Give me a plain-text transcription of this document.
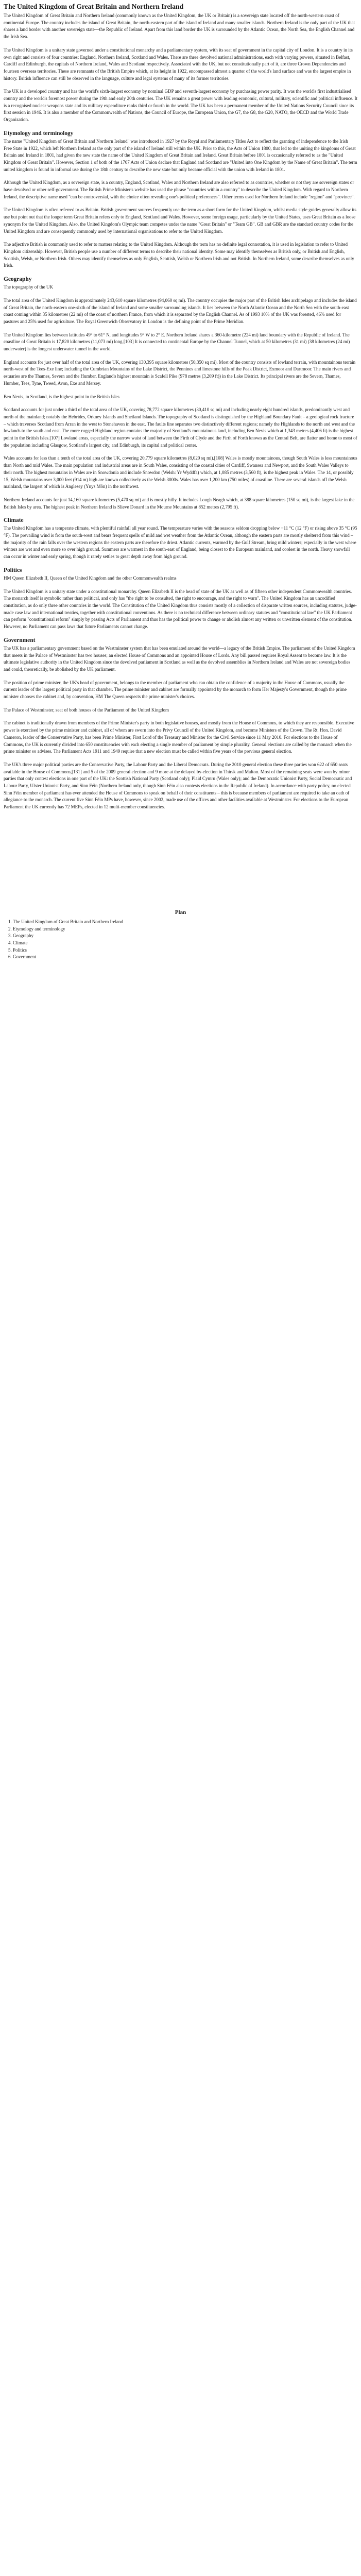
The United Kingdom of Great Britain and Northern Ireland

The United Kingdom of Great Britain and Northern Ireland (commonly known as the United Kingdom, the UK or Britain) is a sovereign state located off the north-western coast of continental Europe. The country includes the island of Great Britain, the north-eastern part of the island of Ireland and many smaller islands. Northern Ireland is the only part of the UK that shares a land border with another sovereign state—the Republic of Ireland. Apart from this land border the UK is surrounded by the Atlantic Ocean, the North Sea, the English Channel and the Irish Sea.

The United Kingdom is a unitary state governed under a constitutional monarchy and a parliamentary system, with its seat of government in the capital city of London. It is a country in its own right and consists of four countries: England, Northern Ireland, Scotland and Wales. There are three devolved national administrations, each with varying powers, situated in Belfast, Cardiff and Edinburgh, the capitals of Northern Ireland, Wales and Scotland respectively. Associated with the UK, but not constitutionally part of it, are three Crown Dependencies and fourteen overseas territories. These are remnants of the British Empire which, at its height in 1922, encompassed almost a quarter of the world's land surface and was the largest empire in history. British influence can still be observed in the language, culture and legal systems of many of its former territories.

The UK is a developed country and has the world's sixth-largest economy by nominal GDP and seventh-largest economy by purchasing power parity. It was the world's first industrialised country and the world's foremost power during the 19th and early 20th centuries. The UK remains a great power with leading economic, cultural, military, scientific and political influence. It is a recognised nuclear weapons state and its military expenditure ranks third or fourth in the world. The UK has been a permanent member of the United Nations Security Council since its first session in 1946. It is also a member of the Commonwealth of Nations, the Council of Europe, the European Union, the G7, the G8, the G20, NATO, the OECD and the World Trade Organization.

Etymology and terminology

The name "United Kingdom of Great Britain and Northern Ireland" was introduced in 1927 by the Royal and Parliamentary Titles Act to reflect the granting of independence to the Irish Free State in 1922, which left Northern Ireland as the only part of the island of Ireland still within the UK. Prior to this, the Acts of Union 1800, that led to the uniting the kingdoms of Great Britain and Ireland in 1801, had given the new state the name of the United Kingdom of Great Britain and Ireland. Great Britain before 1801 is occasionally referred to as the "United Kingdom of Great Britain". However, Section 1 of both of the 1707 Acts of Union declare that England and Scotland are "United into One Kingdom by the Name of Great Britain". The term united kingdom is found in informal use during the 18th century to describe the new state but only became official with the union with Ireland in 1801.

Although the United Kingdom, as a sovereign state, is a country, England, Scotland, Wales and Northern Ireland are also referred to as countries, whether or not they are sovereign states or have devolved or other self-government. The British Prime Minister's website has used the phrase "countries within a country" to describe the United Kingdom. With regard to Northern Ireland, the descriptive name used "can be controversial, with the choice often revealing one's political preferences". Other terms used for Northern Ireland include "region" and "province".

The United Kingdom is often referred to as Britain. British government sources frequently use the term as a short form for the United Kingdom, whilst media style guides generally allow its use but point out that the longer term Great Britain refers only to England, Scotland and Wales. However, some foreign usage, particularly by the United States, uses Great Britain as a loose synonym for the United Kingdom. Also, the United Kingdom's Olympic team competes under the name "Great Britain" or "Team GB". GB and GBR are the standard country codes for the United Kingdom and are consequently commonly used by international organisations to refer to the United Kingdom.

The adjective British is commonly used to refer to matters relating to the United Kingdom. Although the term has no definite legal connotation, it is used in legislation to refer to United Kingdom citizenship. However, British people use a number of different terms to describe their national identity. Some may identify themselves as British only, or British and English, Scottish, Welsh, or Northern Irish. Others may identify themselves as only English, Scottish, Welsh or Northern Irish and not British. In Northern Ireland, some describe themselves as only Irish.

Geography

The topography of the UK

The total area of the United Kingdom is approximately 243,610 square kilometres (94,060 sq mi). The country occupies the major part of the British Isles archipelago and includes the island of Great Britain, the north-eastern one-sixth of the island of Ireland and some smaller surrounding islands. It lies between the North Atlantic Ocean and the North Sea with the south-east coast coming within 35 kilometres (22 mi) of the coast of northern France, from which it is separated by the English Channel. As of 1993 10% of the UK was forested, 46% used for pastures and 25% used for agriculture. The Royal Greenwich Observatory in London is the defining point of the Prime Meridian.

The United Kingdom lies between latitudes 49° to 61° N, and longitudes 9° W to 2° E. Northern Ireland shares a 360-kilometre (224 mi) land boundary with the Republic of Ireland. The coastline of Great Britain is 17,820 kilometres (11,073 mi) long.[103] It is connected to continental Europe by the Channel Tunnel, which at 50 kilometres (31 mi) (38 kilometres (24 mi) underwater) is the longest underwater tunnel in the world.

England accounts for just over half of the total area of the UK, covering 130,395 square kilometres (50,350 sq mi). Most of the country consists of lowland terrain, with mountainous terrain north-west of the Tees-Exe line; including the Cumbrian Mountains of the Lake District, the Pennines and limestone hills of the Peak District, Exmoor and Dartmoor. The main rivers and estuaries are the Thames, Severn and the Humber. England's highest mountain is Scafell Pike (978 metres (3,209 ft)) in the Lake District. Its principal rivers are the Severn, Thames, Humber, Tees, Tyne, Tweed, Avon, Exe and Mersey.

Ben Nevis, in Scotland, is the highest point in the British Isles

Scotland accounts for just under a third of the total area of the UK, covering 78,772 square kilometres (30,410 sq mi) and including nearly eight hundred islands, predominantly west and north of the mainland; notably the Hebrides, Orkney Islands and Shetland Islands. The topography of Scotland is distinguished by the Highland Boundary Fault – a geological rock fracture – which traverses Scotland from Arran in the west to Stonehaven in the east. The faults line separates two distinctively different regions; namely the Highlands to the north and west and the lowlands to the south and east. The more rugged Highland region contains the majority of Scotland's mountainous land, including Ben Nevis which at 1,343 metres (4,406 ft) is the highest point in the British Isles.[107] Lowland areas, especially the narrow waist of land between the Firth of Clyde and the Firth of Forth known as the Central Belt, are flatter and home to most of the population including Glasgow, Scotland's largest city, and Edinburgh, its capital and political center.

Wales accounts for less than a tenth of the total area of the UK, covering 20,779 square kilometres (8,020 sq mi).[108] Wales is mostly mountainous, though South Wales is less mountainous than North and mid Wales. The main population and industrial areas are in South Wales, consisting of the coastal cities of Cardiff, Swansea and Newport, and the South Wales Valleys to their north. The highest mountains in Wales are in Snowdonia and include Snowdon (Welsh: Yr Wyddfa) which, at 1,085 metres (3,560 ft), is the highest peak in Wales. The 14, or possibly 15, Welsh mountains over 3,000 feet (914 m) high are known collectively as the Welsh 3000s. Wales has over 1,200 km (750 miles) of coastline. There are several islands off the Welsh mainland, the largest of which is Anglesey (Ynys Môn) in the northwest.

Northern Ireland accounts for just 14,160 square kilometres (5,470 sq mi) and is mostly hilly. It includes Lough Neagh which, at 388 square kilometres (150 sq mi), is the largest lake in the British Isles by area. The highest peak in Northern Ireland is Slieve Donard in the Mourne Mountains at 852 metres (2,795 ft).

Climate

The United Kingdom has a temperate climate, with plentiful rainfall all year round. The temperature varies with the seasons seldom dropping below −11 °C (12 °F) or rising above 35 °C (95 °F). The prevailing wind is from the south-west and bears frequent spells of mild and wet weather from the Atlantic Ocean, although the eastern parts are mostly sheltered from this wind – the majority of the rain falls over the western regions the eastern parts are therefore the driest. Atlantic currents, warmed by the Gulf Stream, bring mild winters; especially in the west where winters are wet and even more so over high ground. Summers are warmest in the south-east of England, being closest to the European mainland, and coolest in the north. Heavy snowfall can occur in winter and early spring, though it rarely settles to great depth away from high ground.

Politics

HM Queen Elizabeth II, Queen of the United Kingdom and the other Commonwealth realms

The United Kingdom is a unitary state under a constitutional monarchy. Queen Elizabeth II is the head of state of the UK as well as of fifteen other independent Commonwealth countries. The monarch itself is symbolic rather than political, and only has "the right to be consulted, the right to encourage, and the right to warn". The United Kingdom has an uncodified constitution, as do only three other countries in the world. The Constitution of the United Kingdom thus consists mostly of a collection of disparate written sources, including statutes, judge-made case law and international treaties, together with constitutional conventions. As there is no technical difference between ordinary statutes and "constitutional law" the UK Parliament can perform "constitutional reform" simply by passing Acts of Parliament and thus has the political power to change or abolish almost any written or unwritten element of the constitution. However, no Parliament can pass laws that future Parliaments cannot change.

Government

The UK has a parliamentary government based on the Westminster system that has been emulated around the world—a legacy of the British Empire. The parliament of the United Kingdom that meets in the Palace of Westminster has two houses; an elected House of Commons and an appointed House of Lords. Any bill passed requires Royal Assent to become law. It is the ultimate legislative authority in the United Kingdom since the devolved parliament in Scotland as well as the devolved assemblies in Northern Ireland and Wales are not sovereign bodies and could, theoretically, be abolished by the UK parliament.

The position of prime minister, the UK's head of government, belongs to the member of parliament who can obtain the confidence of a majority in the House of Commons, usually the current leader of the largest political party in that chamber. The prime minister and cabinet are formally appointed by the monarch to form Her Majesty's Government, though the prime minister chooses the cabinet and, by convention, HM The Queen respects the prime minister's choices.

The Palace of Westminster, seat of both houses of the Parliament of the United Kingdom

The cabinet is traditionally drawn from members of the Prime Minister's party in both legislative houses, and mostly from the House of Commons, to which they are responsible. Executive power is exercised by the prime minister and cabinet, all of whom are sworn into the Privy Council of the United Kingdom, and become Ministers of the Crown. The Rt. Hon. David Cameron, leader of the Conservative Party, has been Prime Minister, First Lord of the Treasury and Minister for the Civil Service since 11 May 2010. For elections to the House of Commons, the UK is currently divided into 650 constituencies with each electing a single member of parliament by simple plurality. General elections are called by the monarch when the prime minister so advises. The Parliament Acts 1911 and 1949 require that a new election must be called within five years of the previous general election.

The UK's three major political parties are the Conservative Party, the Labour Party and the Liberal Democrats. During the 2010 general election these three parties won 622 of 650 seats available in the House of Commons,[131] and 5 of the 2009 general election and 9 more at the delayed by-election in Thirsk and Malton. Most of the remaining seats were won by minor parties that only contest elections in one part of the UK: the Scottish National Party (Scotland only); Plaid Cymru (Wales only); and the Democratic Unionist Party, Social Democratic and Labour Party, Ulster Unionist Party, and Sinn Féin (Northern Ireland only, though Sinn Féin also contests elections in the Republic of Ireland). In accordance with party policy, no elected Sinn Féin member of parliament has ever attended the House of Commons to speak on behalf of their constituents – this is because members of parliament are required to take an oath of allegiance to the monarch. The current five Sinn Féin MPs have, however, since 2002, made use of the offices and other facilities available at Westminster. For elections to the European Parliament the UK currently has 72 MEPs, elected in 12 multi-member constituencies.

Plan
1. The United Kingdom of Great Britain and Northern Ireland
2. Etymology and terminology
3. Geography
4. Climate
5. Politics
6. Government
